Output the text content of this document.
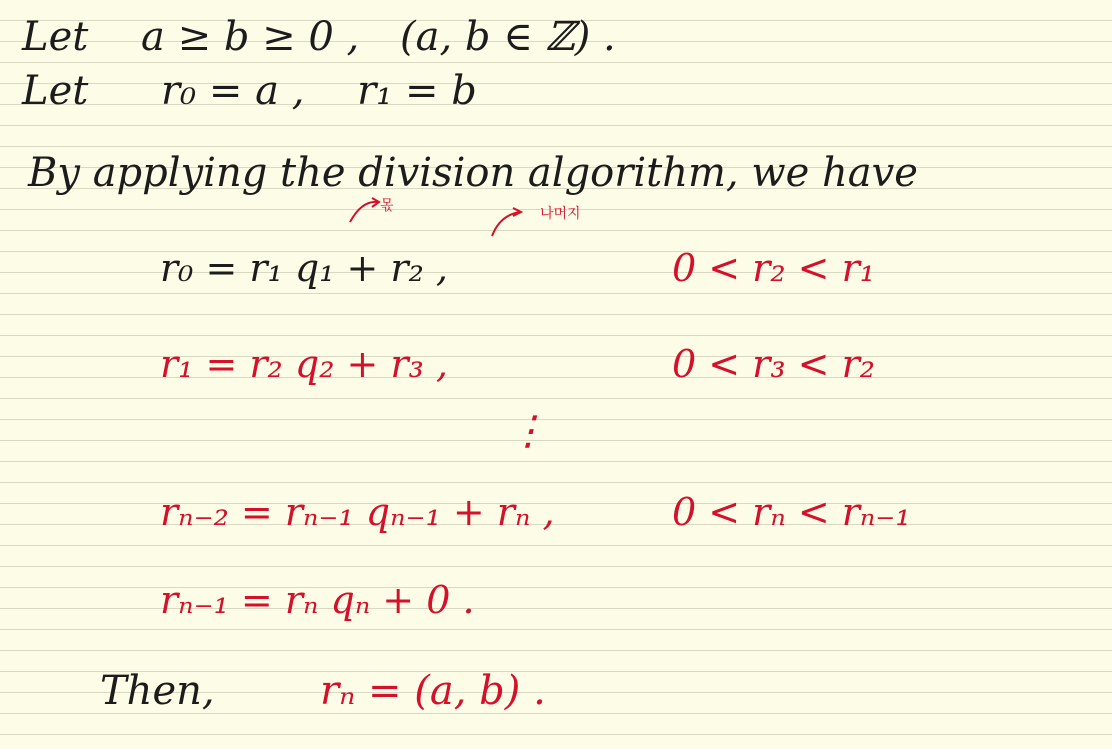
Let a ≥ b ≥ 0 , (a, b ∈ ℤ) .
Let r₀ = a , r₁ = b
By applying the division algorithm, we have
몫	나머지
r₀ = r₁ q₁ + r₂ ,	0 < r₂ < r₁
r₁ = r₂ q₂ + r₃ ,	0 < r₃ < r₂
⋮
rₙ₋₂ = rₙ₋₁ qₙ₋₁ + rₙ ,	0 < rₙ < rₙ₋₁
rₙ₋₁ = rₙ qₙ + 0 .
Then,	rₙ = (a, b) .
